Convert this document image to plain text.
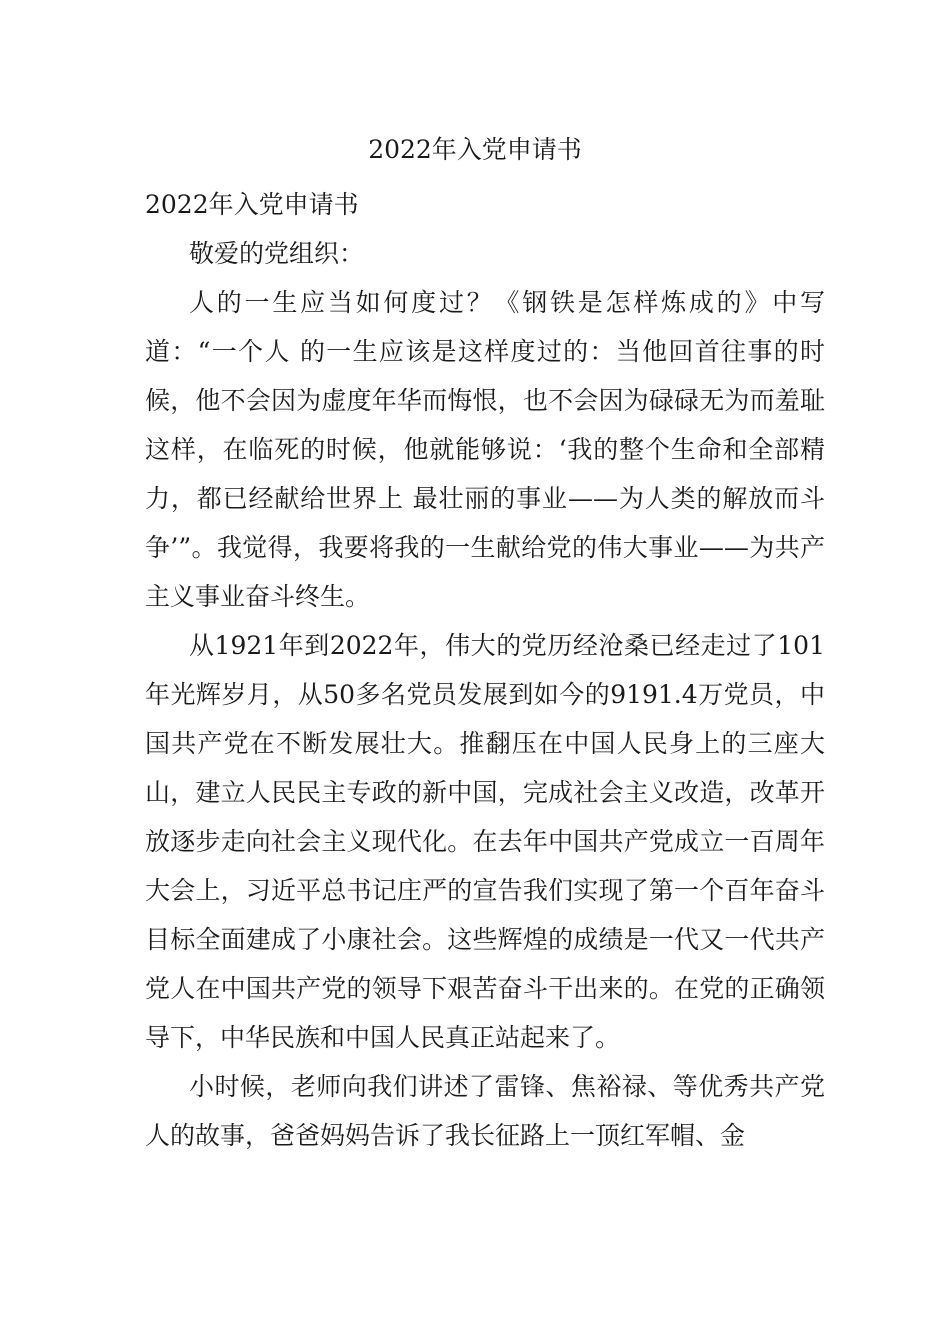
2022年入党申请书

2022年入党申请书

敬爱的党组织：

人的一生应当如何度过？《钢铁是怎样炼成的》中写道：“一个人 的一生应该是这样度过的：当他回首往事的时候，他不会因为虚度年华而悔恨，也不会因为碌碌无为而羞耻这样，在临死的时候，他就能够说：‘我的整个生命和全部精力，都已经献给世界上 最壮丽的事业——为人类的解放而斗争’”。我觉得，我要将我的一生献给党的伟大事业——为共产主义事业奋斗终生。

从1921年到2022年，伟大的党历经沧桑已经走过了101年光辉岁月，从50多名党员发展到如今的9191.4万党员，中国共产党在不断发展壮大。推翻压在中国人民身上的三座大山，建立人民民主专政的新中国，完成社会主义改造，改革开放逐步走向社会主义现代化。在去年中国共产党成立一百周年大会上，习近平总书记庄严的宣告我们实现了第一个百年奋斗目标全面建成了小康社会。这些辉煌的成绩是一代又一代共产党人在中国共产党的领导下艰苦奋斗干出来的。在党的正确领导下，中华民族和中国人民真正站起来了。

小时候，老师向我们讲述了雷锋、焦裕禄、等优秀共产党人的故事，爸爸妈妈告诉了我长征路上一顶红军帽、金
